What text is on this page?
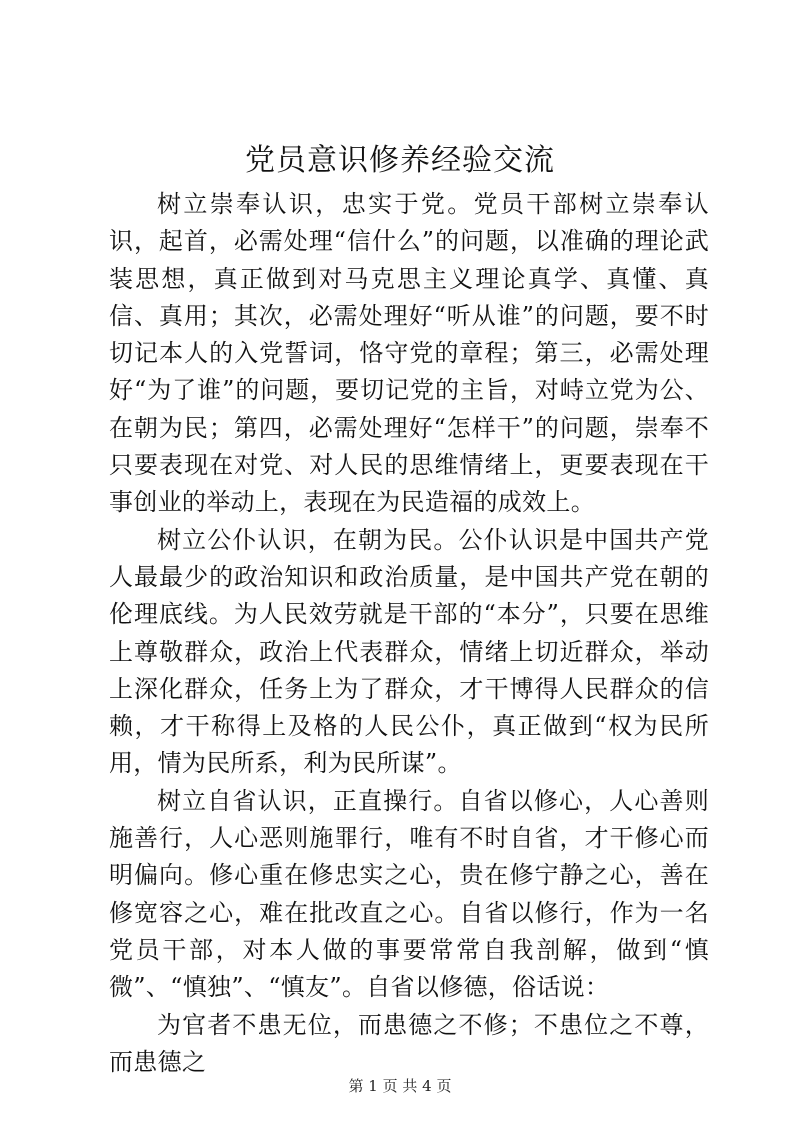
党员意识修养经验交流

树立崇奉认识，忠实于党。党员干部树立崇奉认识，起首，必需处理“信什么”的问题，以准确的理论武装思想，真正做到对马克思主义理论真学、真懂、真信、真用；其次，必需处理好“听从谁”的问题，要不时切记本人的入党誓词，恪守党的章程；第三，必需处理好“为了谁”的问题，要切记党的主旨，对峙立党为公、在朝为民；第四，必需处理好“怎样干”的问题，崇奉不只要表现在对党、对人民的思维情绪上，更要表现在干事创业的举动上，表现在为民造福的成效上。

树立公仆认识，在朝为民。公仆认识是中国共产党人最最少的政治知识和政治质量，是中国共产党在朝的伦理底线。为人民效劳就是干部的“本分”，只要在思维上尊敬群众，政治上代表群众，情绪上切近群众，举动上深化群众，任务上为了群众，才干博得人民群众的信赖，才干称得上及格的人民公仆，真正做到“权为民所用，情为民所系，利为民所谋”。

树立自省认识，正直操行。自省以修心，人心善则施善行，人心恶则施罪行，唯有不时自省，才干修心而明偏向。修心重在修忠实之心，贵在修宁静之心，善在修宽容之心，难在批改直之心。自省以修行，作为一名党员干部，对本人做的事要常常自我剖解，做到“慎微”、“慎独”、“慎友”。自省以修德，俗话说：

为官者不患无位，而患德之不修；不患位之不尊，而患德之

第 1 页 共 4 页
